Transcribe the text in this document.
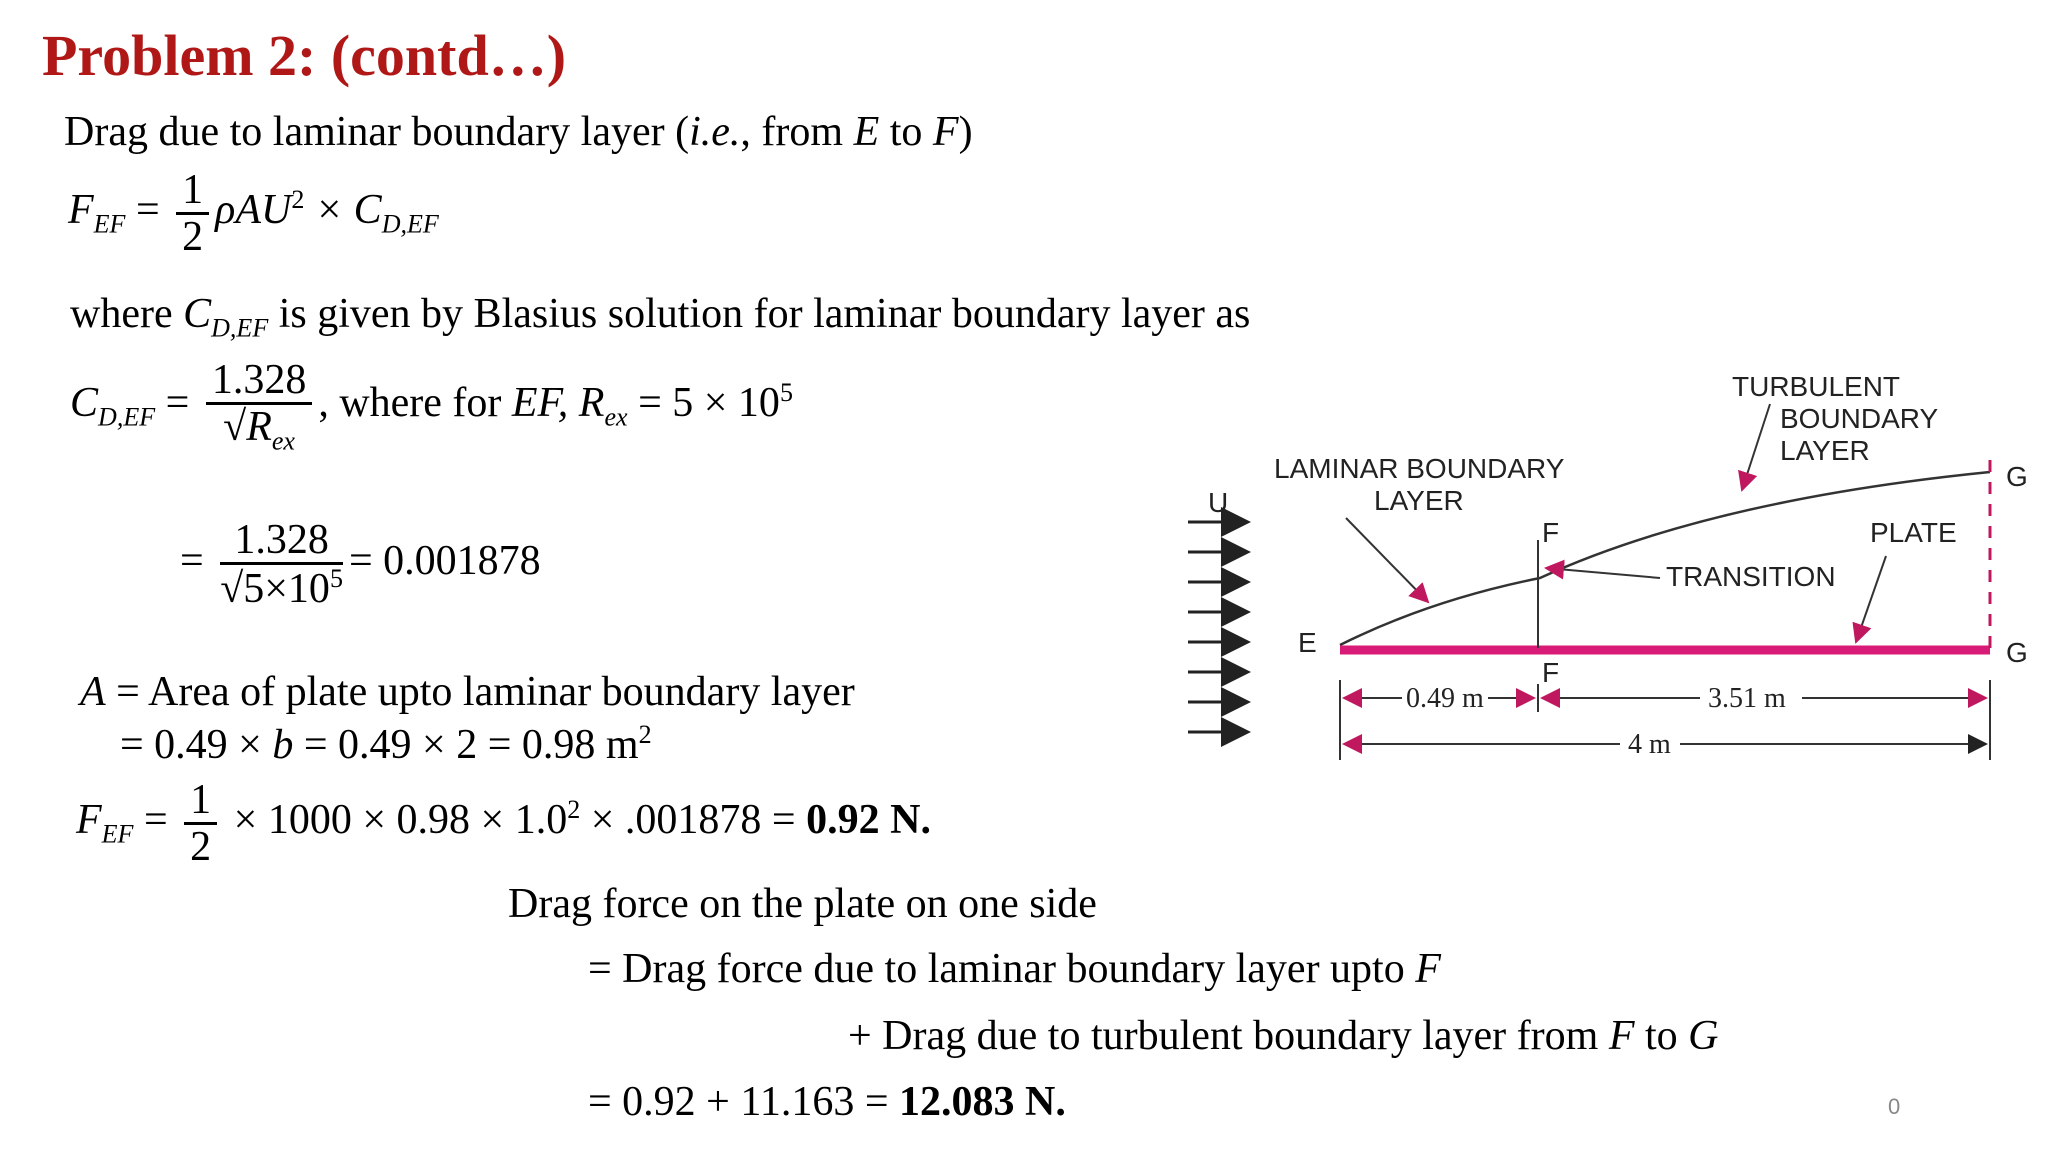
Problem 2: (contd…)
Drag due to laminar boundary layer (i.e., from E to F)
$F_{EF} = \frac{1}{2} \rho AU^2 \times C_{D,EF}$
where $C_{D,EF}$ is given by Blasius solution for laminar boundary layer as
$C_{D,EF} = \frac{1.328}{√R_{ex}}$ , where for EF, $R_{ex} = 5 \times 10^5$
= $\frac{1.328}{√5\times 10^5} = 0.001878$
A = Area of plate upto laminar boundary layer
= 0.49 × b = 0.49 × 2 = 0.98 $m^2$
$F_{EF} = \frac{1}{2} \times 1000 \times 0.98 \times 1.0^2 \times .001878 = 0.92$ N.
Drag force on the plate on one side
= Drag force due to laminar boundary layer upto F
+ Drag due to turbulent boundary layer from F to G
= 0.92 + 11.163 = 12.083 N.	0
U
E
F
F
G
G
LAMINAR BOUNDARY
LAYER
TURBULENT
BOUNDARY
LAYER
TRANSITION
PLATE
0.49 m	3.51 m
4 m
